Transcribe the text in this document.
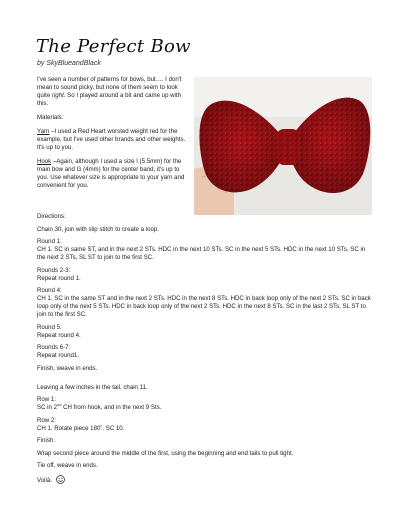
The Perfect Bow
by SkyBlueandBlack

I've seen a number of patterns for bows, but…. I don't mean to sound picky, but none of them seem to look quite right. So I played around a bit and came up with this.

Materials:

Yarn –I used a Red Heart worsted weight red for the example, but I've used other brands and other weights. It's up to you.

Hook –Again, although I used a size I (5.5mm) for the main bow and G (4mm) for the center band, it's up to you. Use whatever size is appropriate to your yarn and convenient for you.

Directions:

Chain 30, join with slip stitch to create a loop.

Round 1:

CH 1. SC in same ST, and in the next 2 STs. HDC in the next 10 STs. SC in the next 5 STs. HDC in the next 10 STs. SC in the next 2 STs, SL ST to join to the first SC.

Rounds 2-3:

Repeat round 1.

Round 4:

CH 1. SC in the same ST and in the next 2 STs. HDC in the next 8 STs. HDC in back loop only of the next 2 STs. SC in back loop only of the next 5 STs. HDC in back loop only of the next 2 STs. HDC in the next 8 STs. SC in the last 2 STs, SL ST to join to the first SC.

Round 5:

Repeat round 4.

Rounds 6-7:

Repeat round1.

Finish, weave in ends.

Leaving a few inches in the tail, chain 11.

Row 1:

SC in 2nd CH from hook, and in the next 9 Sts.

Row 2:

CH 1. Rotate piece 180˚. SC 10.

Finish.

Wrap second piece around the middle of the first, using the beginning and end tails to pull tight.

Tie off, weave in ends.

Voilà.
